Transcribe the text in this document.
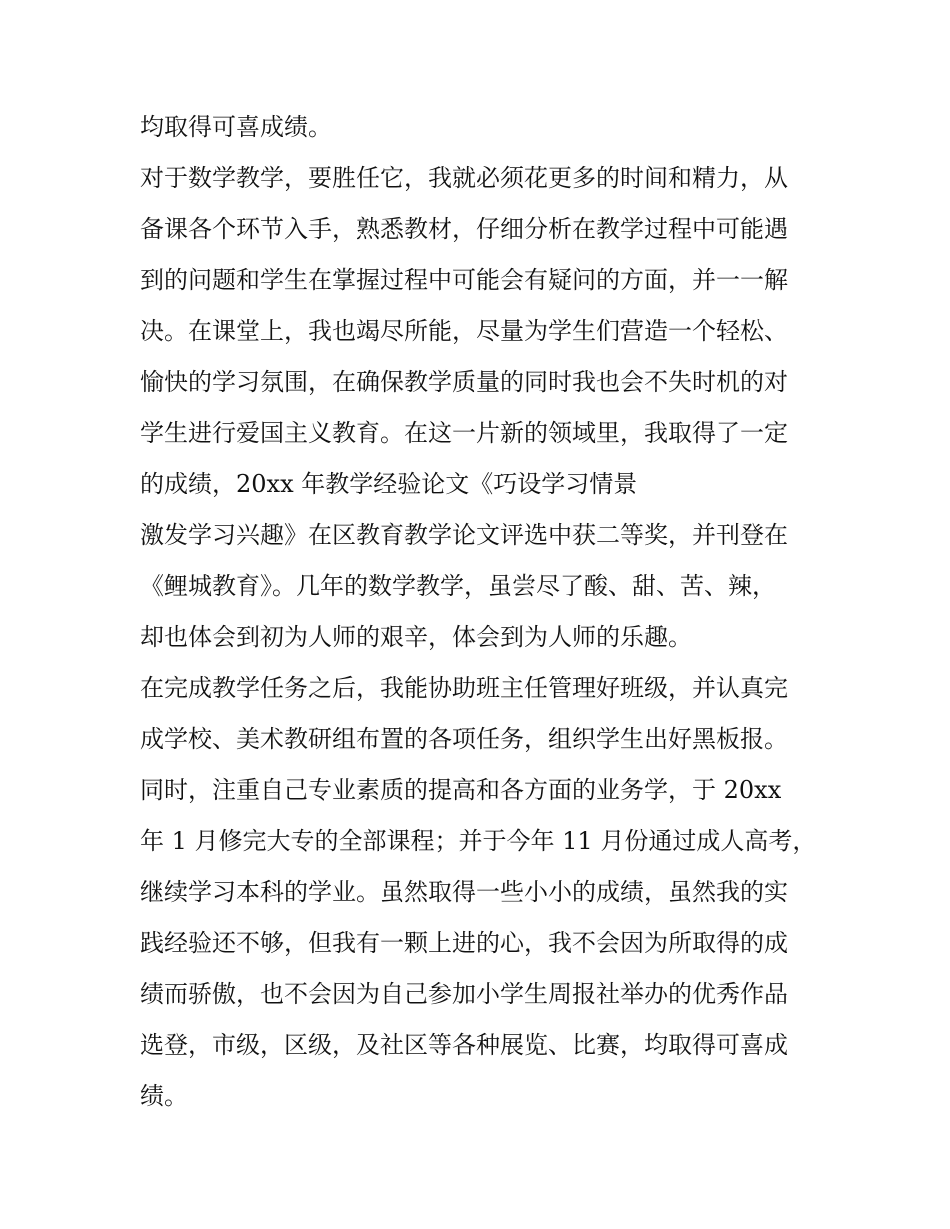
均取得可喜成绩。
对于数学教学，要胜任它，我就必须花更多的时间和精力，从
备课各个环节入手，熟悉教材，仔细分析在教学过程中可能遇
到的问题和学生在掌握过程中可能会有疑问的方面，并一一解
决。在课堂上，我也竭尽所能，尽量为学生们营造一个轻松、
愉快的学习氛围，在确保教学质量的同时我也会不失时机的对
学生进行爱国主义教育。在这一片新的领域里，我取得了一定
的成绩，20xx 年教学经验论文《巧设学习情景
激发学习兴趣》在区教育教学论文评选中获二等奖，并刊登在
《鲤城教育》。几年的数学教学，虽尝尽了酸、甜、苦、辣，
却也体会到初为人师的艰辛，体会到为人师的乐趣。
在完成教学任务之后，我能协助班主任管理好班级，并认真完
成学校、美术教研组布置的各项任务，组织学生出好黑板报。
同时，注重自己专业素质的提高和各方面的业务学，于 20xx
年 1 月修完大专的全部课程；并于今年 11 月份通过成人高考，
继续学习本科的学业。虽然取得一些小小的成绩，虽然我的实
践经验还不够，但我有一颗上进的心，我不会因为所取得的成
绩而骄傲，也不会因为自己参加小学生周报社举办的优秀作品
选登，市级，区级，及社区等各种展览、比赛，均取得可喜成
绩。
